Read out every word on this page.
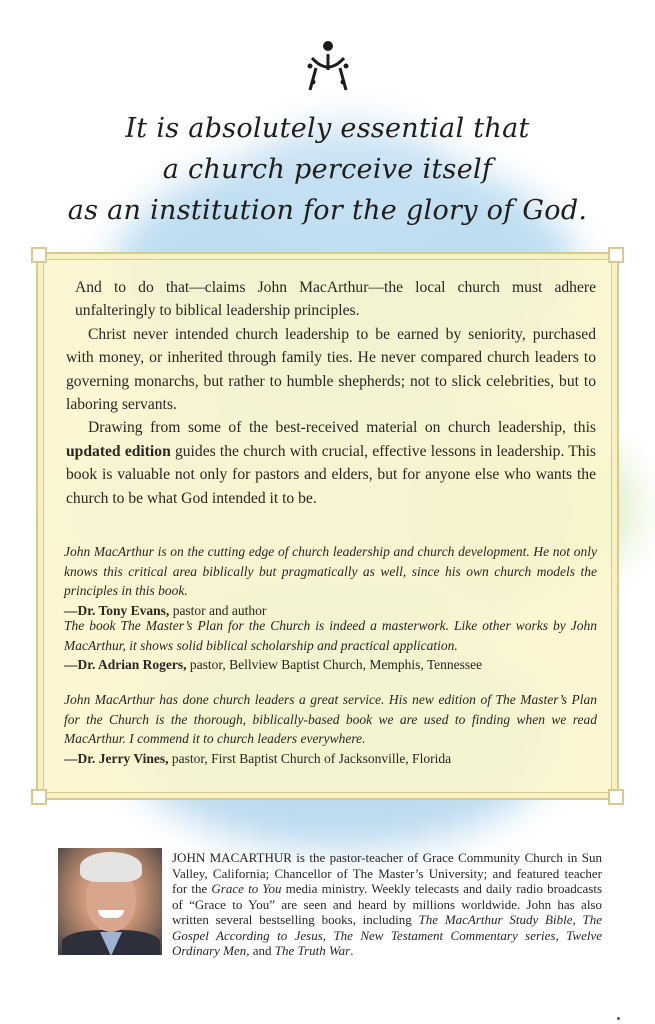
It is absolutely essential that
a church perceive itself
as an institution for the glory of God.

And to do that—claims John MacArthur—the local church must adhere unfalteringly to biblical leadership principles.

Christ never intended church leadership to be earned by seniority, purchased with money, or inherited through family ties. He never compared church leaders to governing monarchs, but rather to humble shepherds; not to slick celebrities, but to laboring servants.

Drawing from some of the best-received material on church leadership, this updated edition guides the church with crucial, effective lessons in leadership. This book is valuable not only for pastors and elders, but for anyone else who wants the church to be what God intended it to be.

John MacArthur is on the cutting edge of church leadership and church development. He not only knows this critical area biblically but pragmatically as well, since his own church models the principles in this book.
—Dr. Tony Evans, pastor and author
The book The Master’s Plan for the Church is indeed a masterwork. Like other works by John MacArthur, it shows solid biblical scholarship and practical application.
—Dr. Adrian Rogers, pastor, Bellview Baptist Church, Memphis, Tennessee
John MacArthur has done church leaders a great service. His new edition of The Master’s Plan for the Church is the thorough, biblically-based book we are used to finding when we read MacArthur. I commend it to church leaders everywhere.
—Dr. Jerry Vines, pastor, First Baptist Church of Jacksonville, Florida
JOHN MACARTHUR is the pastor-teacher of Grace Community Church in Sun Valley, California; Chancellor of The Master’s University; and featured teacher for the Grace to You media ministry. Weekly telecasts and daily radio broadcasts of “Grace to You” are seen and heard by millions worldwide. John has also written several bestselling books, including The MacArthur Study Bible, The Gospel According to Jesus, The New Testament Commentary series, Twelve Ordinary Men, and The Truth War.
